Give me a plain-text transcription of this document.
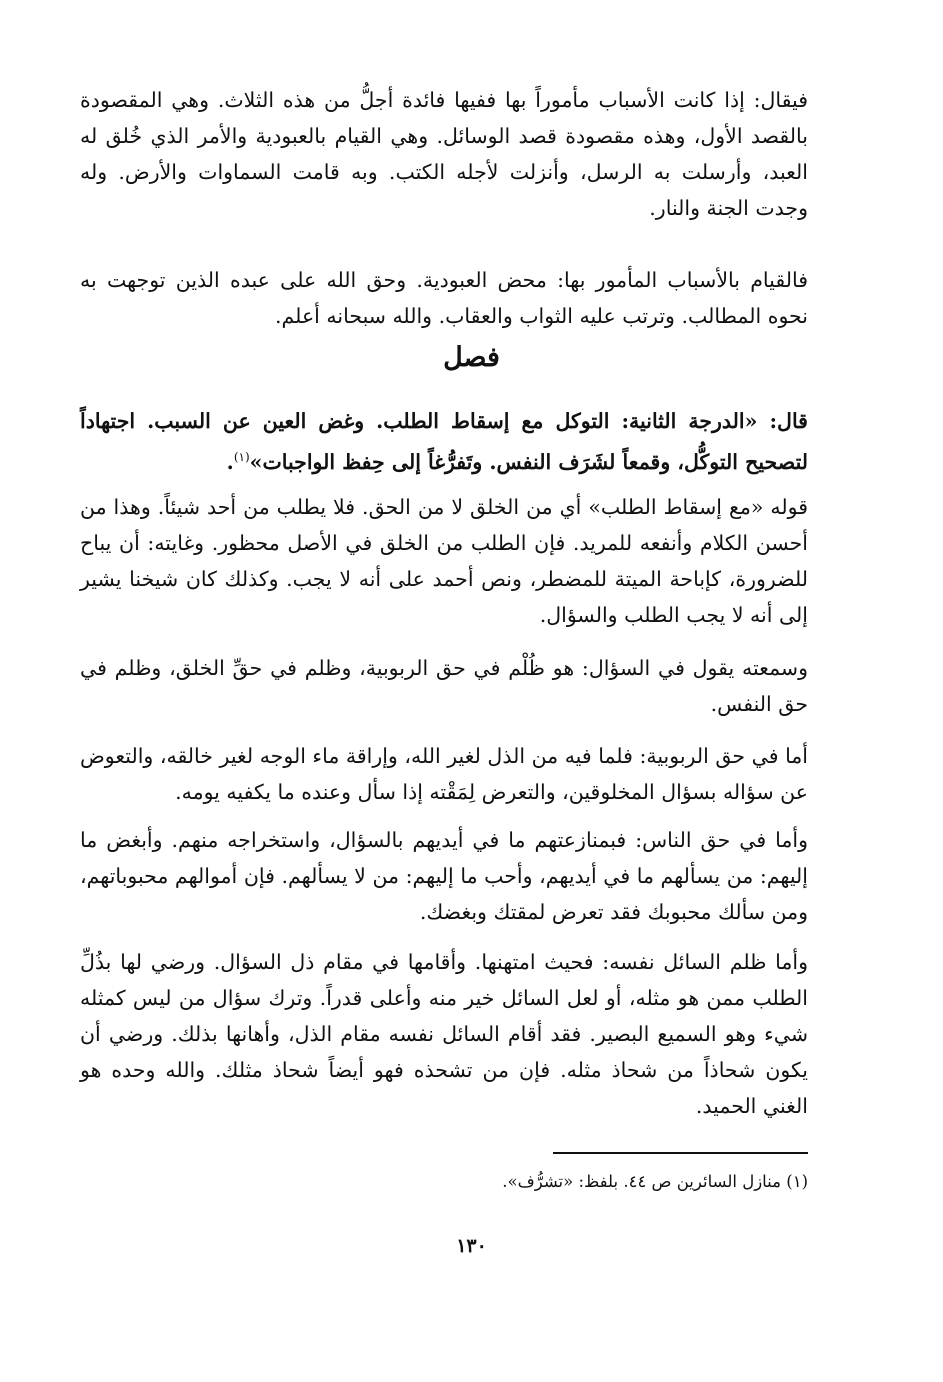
فيقال: إذا كانت الأسباب مأموراً بها ففيها فائدة أجلُّ من هذه الثلاث. وهي المقصودة بالقصد الأول، وهذه مقصودة قصد الوسائل. وهي القيام بالعبودية والأمر الذي خُلق له العبد، وأرسلت به الرسل، وأنزلت لأجله الكتب. وبه قامت السماوات والأرض. وله وجدت الجنة والنار.

فالقيام بالأسباب المأمور بها: محض العبودية. وحق الله على عبده الذين توجهت به نحوه المطالب. وترتب عليه الثواب والعقاب. والله سبحانه أعلم.

فصل

قال: «الدرجة الثانية: التوكل مع إسقاط الطلب. وغض العين عن السبب. اجتهاداً لتصحيح التوكُّل، وقمعاً لشَرَف النفس. وتَفرُّغاً إلى حِفظ الواجبات»$^{(١)}$.

قوله «مع إسقاط الطلب» أي من الخلق لا من الحق. فلا يطلب من أحد شيئاً. وهذا من أحسن الكلام وأنفعه للمريد. فإن الطلب من الخلق في الأصل محظور. وغايته: أن يباح للضرورة، كإباحة الميتة للمضطر، ونص أحمد على أنه لا يجب. وكذلك كان شيخنا يشير إلى أنه لا يجب الطلب والسؤال.

وسمعته يقول في السؤال: هو ظُلْم في حق الربوبية، وظلم في حقِّ الخلق، وظلم في حق النفس.

أما في حق الربوبية: فلما فيه من الذل لغير الله، وإراقة ماء الوجه لغير خالقه، والتعوض عن سؤاله بسؤال المخلوقين، والتعرض لِمَقْته إذا سأل وعنده ما يكفيه يومه.

وأما في حق الناس: فبمنازعتهم ما في أيديهم بالسؤال، واستخراجه منهم. وأبغض ما إليهم: من يسألهم ما في أيديهم، وأحب ما إليهم: من لا يسألهم. فإن أموالهم محبوباتهم، ومن سألك محبوبك فقد تعرض لمقتك وبغضك.

وأما ظلم السائل نفسه: فحيث امتهنها. وأقامها في مقام ذل السؤال. ورضي لها بذُلِّ الطلب ممن هو مثله، أو لعل السائل خير منه وأعلى قدراً. وترك سؤال من ليس كمثله شيء وهو السميع البصير. فقد أقام السائل نفسه مقام الذل، وأهانها بذلك. ورضي أن يكون شحاذاً من شحاذ مثله. فإن من تشحذه فهو أيضاً شحاذ مثلك. والله وحده هو الغني الحميد.

(١) منازل السائرين ص ٤٤. بلفظ: «تشرُّف».
١٣٠
